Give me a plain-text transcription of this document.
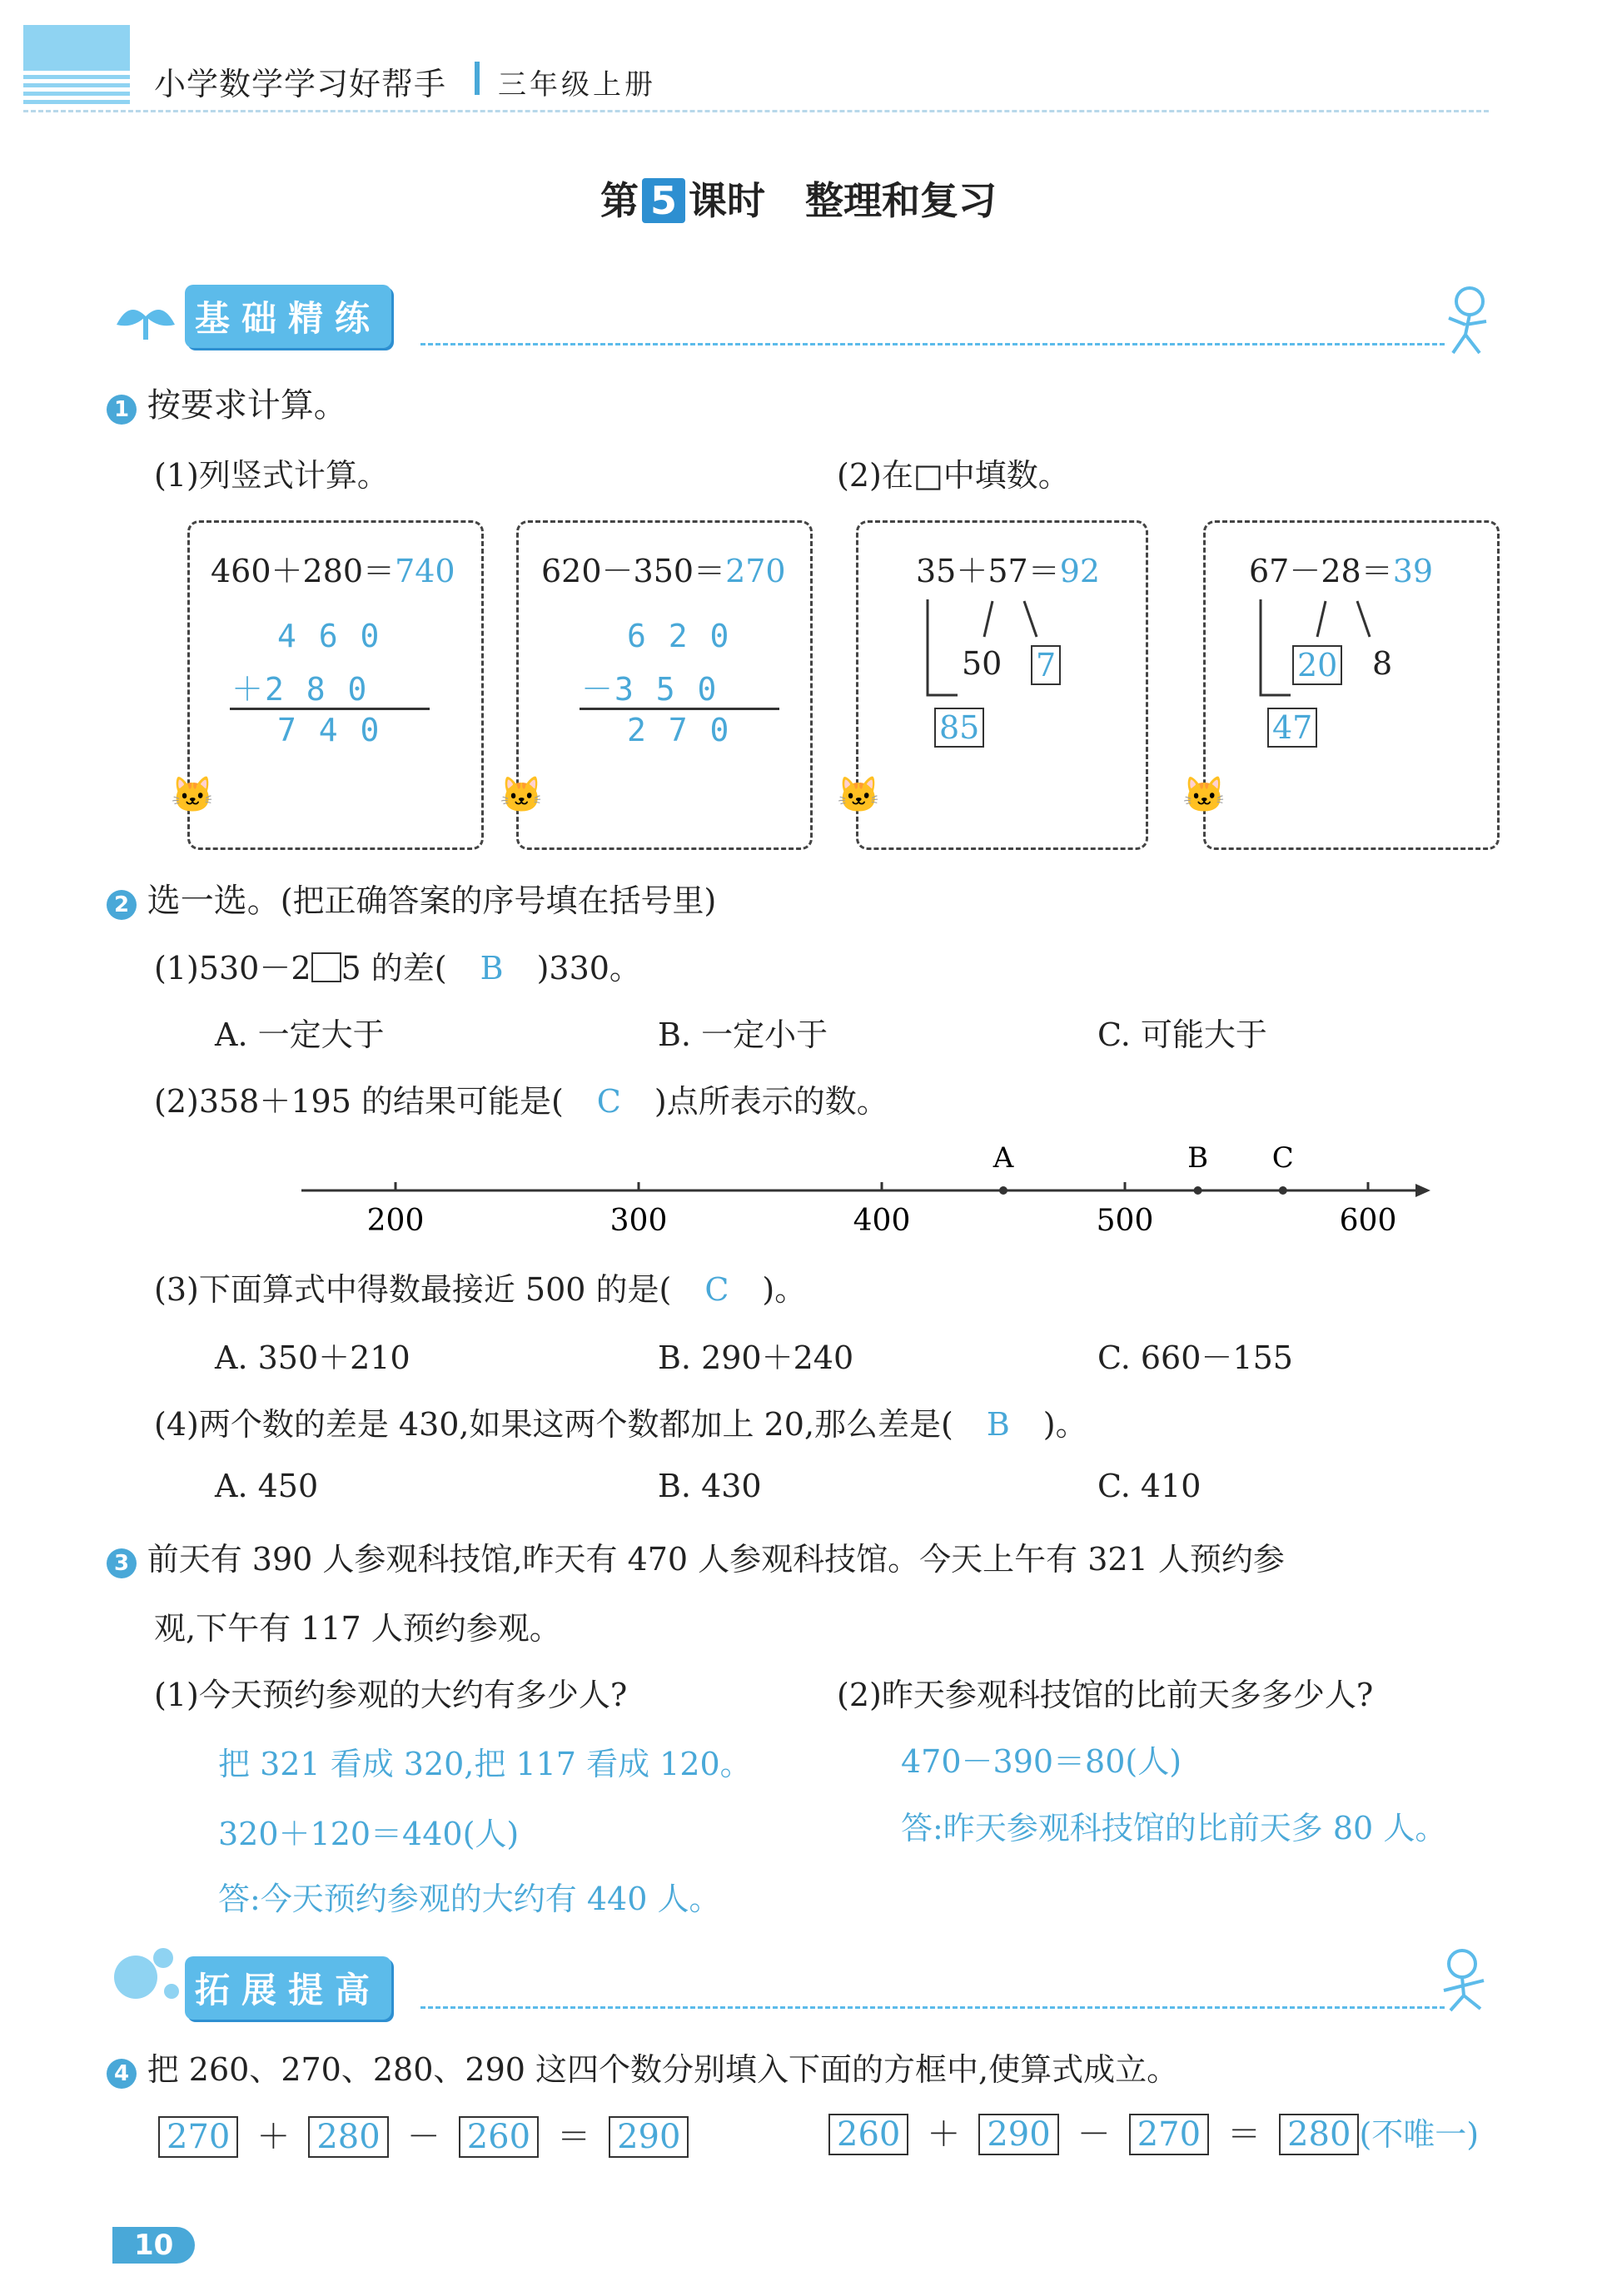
小学数学学习好帮手 三年级上册
第 5 课时 整理和复习
基础精练
1 按要求计算。
(1)列竖式计算。	(2)在□中填数。
460＋280＝740
4 6 0
＋2 8 0
7 4 0
🐱
620－350＝270
6 2 0
－3 5 0
2 7 0
🐱
35＋57＝92
50 7
85
🐱
67－28＝39
20 8
47
🐱
2 选一选。(把正确答案的序号填在括号里)
(1)530－2 5 的差( B )330。
A. 一定大于	B. 一定小于	C. 可能大于
(2)358＋195 的结果可能是( C )点所表示的数。
200	300	400	500	600
A	B C
(3)下面算式中得数最接近 500 的是( C )。
A. 350＋210	B. 290＋240	C. 660－155
(4)两个数的差是 430,如果这两个数都加上 20,那么差是( B )。
A. 450	B. 430	C. 410
3 前天有 390 人参观科技馆,昨天有 470 人参观科技馆。今天上午有 321 人预约参
观,下午有 117 人预约参观。
(1)今天预约参观的大约有多少人?	(2)昨天参观科技馆的比前天多多少人?
把 321 看成 320,把 117 看成 120。
320＋120＝440(人)
答:今天预约参观的大约有 440 人。
470－390＝80(人)
答:昨天参观科技馆的比前天多 80 人。
拓展提高
4 把 260、270、280、290 这四个数分别填入下面的方框中,使算式成立。
270 ＋ 280 － 260 ＝ 290	260 ＋ 290 － 270 ＝ 280 (不唯一)
10
